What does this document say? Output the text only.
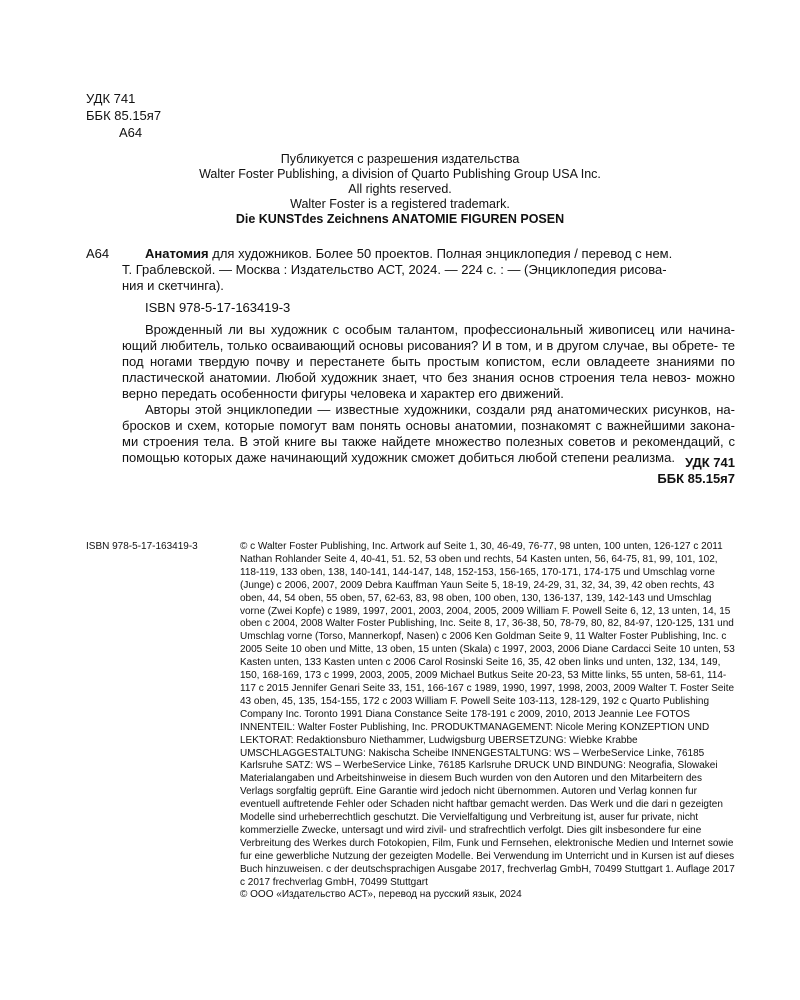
УДК 741
ББК 85.15я7
А64
Публикуется с разрешения издательства
Walter Foster Publishing, a division of Quarto Publishing Group USA Inc.
All rights reserved.
Walter Foster is a registered trademark.
Die KUNSTdes Zeichnens ANATOMIE FIGUREN POSEN
А64	Анатомия для художников. Более 50 проектов. Полная энциклопедия / перевод с нем.
Т. Граблевской. — Москва : Издательство АСТ, 2024. — 224 с. : — (Энциклопедия рисова-
ния и скетчинга).
ISBN 978-5-17-163419-3

Врожденный ли вы художник с особым талантом, профессиональный живописец или начина- ющий любитель, только осваивающий основы рисования? И в том, и в другом случае, вы обрете- те под ногами твердую почву и перестанете быть простым копистом, если овладеете знаниями по пластической анатомии. Любой художник знает, что без знания основ строения тела невоз- можно верно передать особенности фигуры человека и характер его движений.

Авторы этой энциклопедии — известные художники, создали ряд анатомических рисунков, на- бросков и схем, которые помогут вам понять основы анатомии, познакомят с важнейшими закона- ми строения тела. В этой книге вы также найдете множество полезных советов и рекомендаций, с помощью которых даже начинающий художник сможет добиться любой степени реализма. УДК 741
ББК 85.15я7
ISBN 978-5-17-163419-3	© c Walter Foster Publishing, Inc. Artwork auf Seite 1, 30, 46-49, 76-77, 98 unten, 100 unten, 126-127 c 2011 Nathan Rohlander Seite 4, 40-41, 51. 52, 53 oben und rechts, 54 Kasten unten, 56, 64-75, 81, 99, 101, 102, 118-119, 133 oben, 138, 140-141, 144-147, 148, 152-153, 156-165, 170-171, 174-175 und Umschlag vorne (Junge) c 2006, 2007, 2009 Debra Kauffman Yaun Seite 5, 18-19, 24-29, 31, 32, 34, 39, 42 oben rechts, 43 oben, 44, 54 oben, 55 oben, 57, 62-63, 83, 98 oben, 100 oben, 130, 136-137, 139, 142-143 und Umschlag vorne (Zwei Kopfe) c 1989, 1997, 2001, 2003, 2004, 2005, 2009 William F. Powell Seite 6, 12, 13 unten, 14, 15 oben c 2004, 2008 Walter Foster Publishing, Inc. Seite 8, 17, 36-38, 50, 78-79, 80, 82, 84-97, 120-125, 131 und Umschlag vorne (Torso, Mannerkopf, Nasen) c 2006 Ken Goldman Seite 9, 11 Walter Foster Publishing, Inc. c 2005 Seite 10 oben und Mitte, 13 oben, 15 unten (Skala) c 1997, 2003, 2006 Diane Cardacci Seite 10 unten, 53 Kasten unten, 133 Kasten unten c 2006 Carol Rosinski Seite 16, 35, 42 oben links und unten, 132, 134, 149, 150, 168-169, 173 c 1999, 2003, 2005, 2009 Michael Butkus Seite 20-23, 53 Mitte links, 55 unten, 58-61, 114-117 c 2015 Jennifer Genari Seite 33, 151, 166-167 c 1989, 1990, 1997, 1998, 2003, 2009 Walter T. Foster Seite 43 oben, 45, 135, 154-155, 172 c 2003 William F. Powell Seite 103-113, 128-129, 192 c Quarto Publishing Company Inc. Toronto 1991 Diana Constance Seite 178-191 c 2009, 2010, 2013 Jeannie Lee FOTOS INNENTEIL: Walter Foster Publishing, Inc. PRODUKTMANAGEMENT: Nicole Mering KONZEPTION UND LEKTORAT: Redaktionsburo Niethammer, Ludwigsburg UBERSETZUNG: Wiebke Krabbe UMSCHLAGGESTALTUNG: Nakischa Scheibe INNENGESTALTUNG: WS – WerbeService Linke, 76185 Karlsruhe SATZ: WS – WerbeService Linke, 76185 Karlsruhe DRUCK UND BINDUNG: Neografia, Slowakei Materialangaben und Arbeitshinweise in diesem Buch wurden von den Autoren und den Mitarbeitern des Verlags sorgfaltig geprüft. Eine Garantie wird jedoch nicht übernommen. Autoren und Verlag konnen fur eventuell auftretende Fehler oder Schaden nicht haftbar gemacht werden. Das Werk und die dari n gezeigten Modelle sind urheberrechtlich geschutzt. Die Vervielfaltigung und Verbreitung ist, auser fur private, nicht kommerzielle Zwecke, untersagt und wird zivil- und strafrechtlich verfolgt. Dies gilt insbesondere fur eine Verbreitung des Werkes durch Fotokopien, Film, Funk und Fernsehen, elektronische Medien und Internet sowie fur eine gewerbliche Nutzung der gezeigten Modelle. Bei Verwendung im Unterricht und in Kursen ist auf dieses Buch hinzuweisen. c der deutschsprachigen Ausgabe 2017, frechverlag GmbH, 70499 Stuttgart 1. Auflage 2017 c 2017 frechverlag GmbH, 70499 Stuttgart
© ООО «Издательство АСТ», перевод на русский язык, 2024
